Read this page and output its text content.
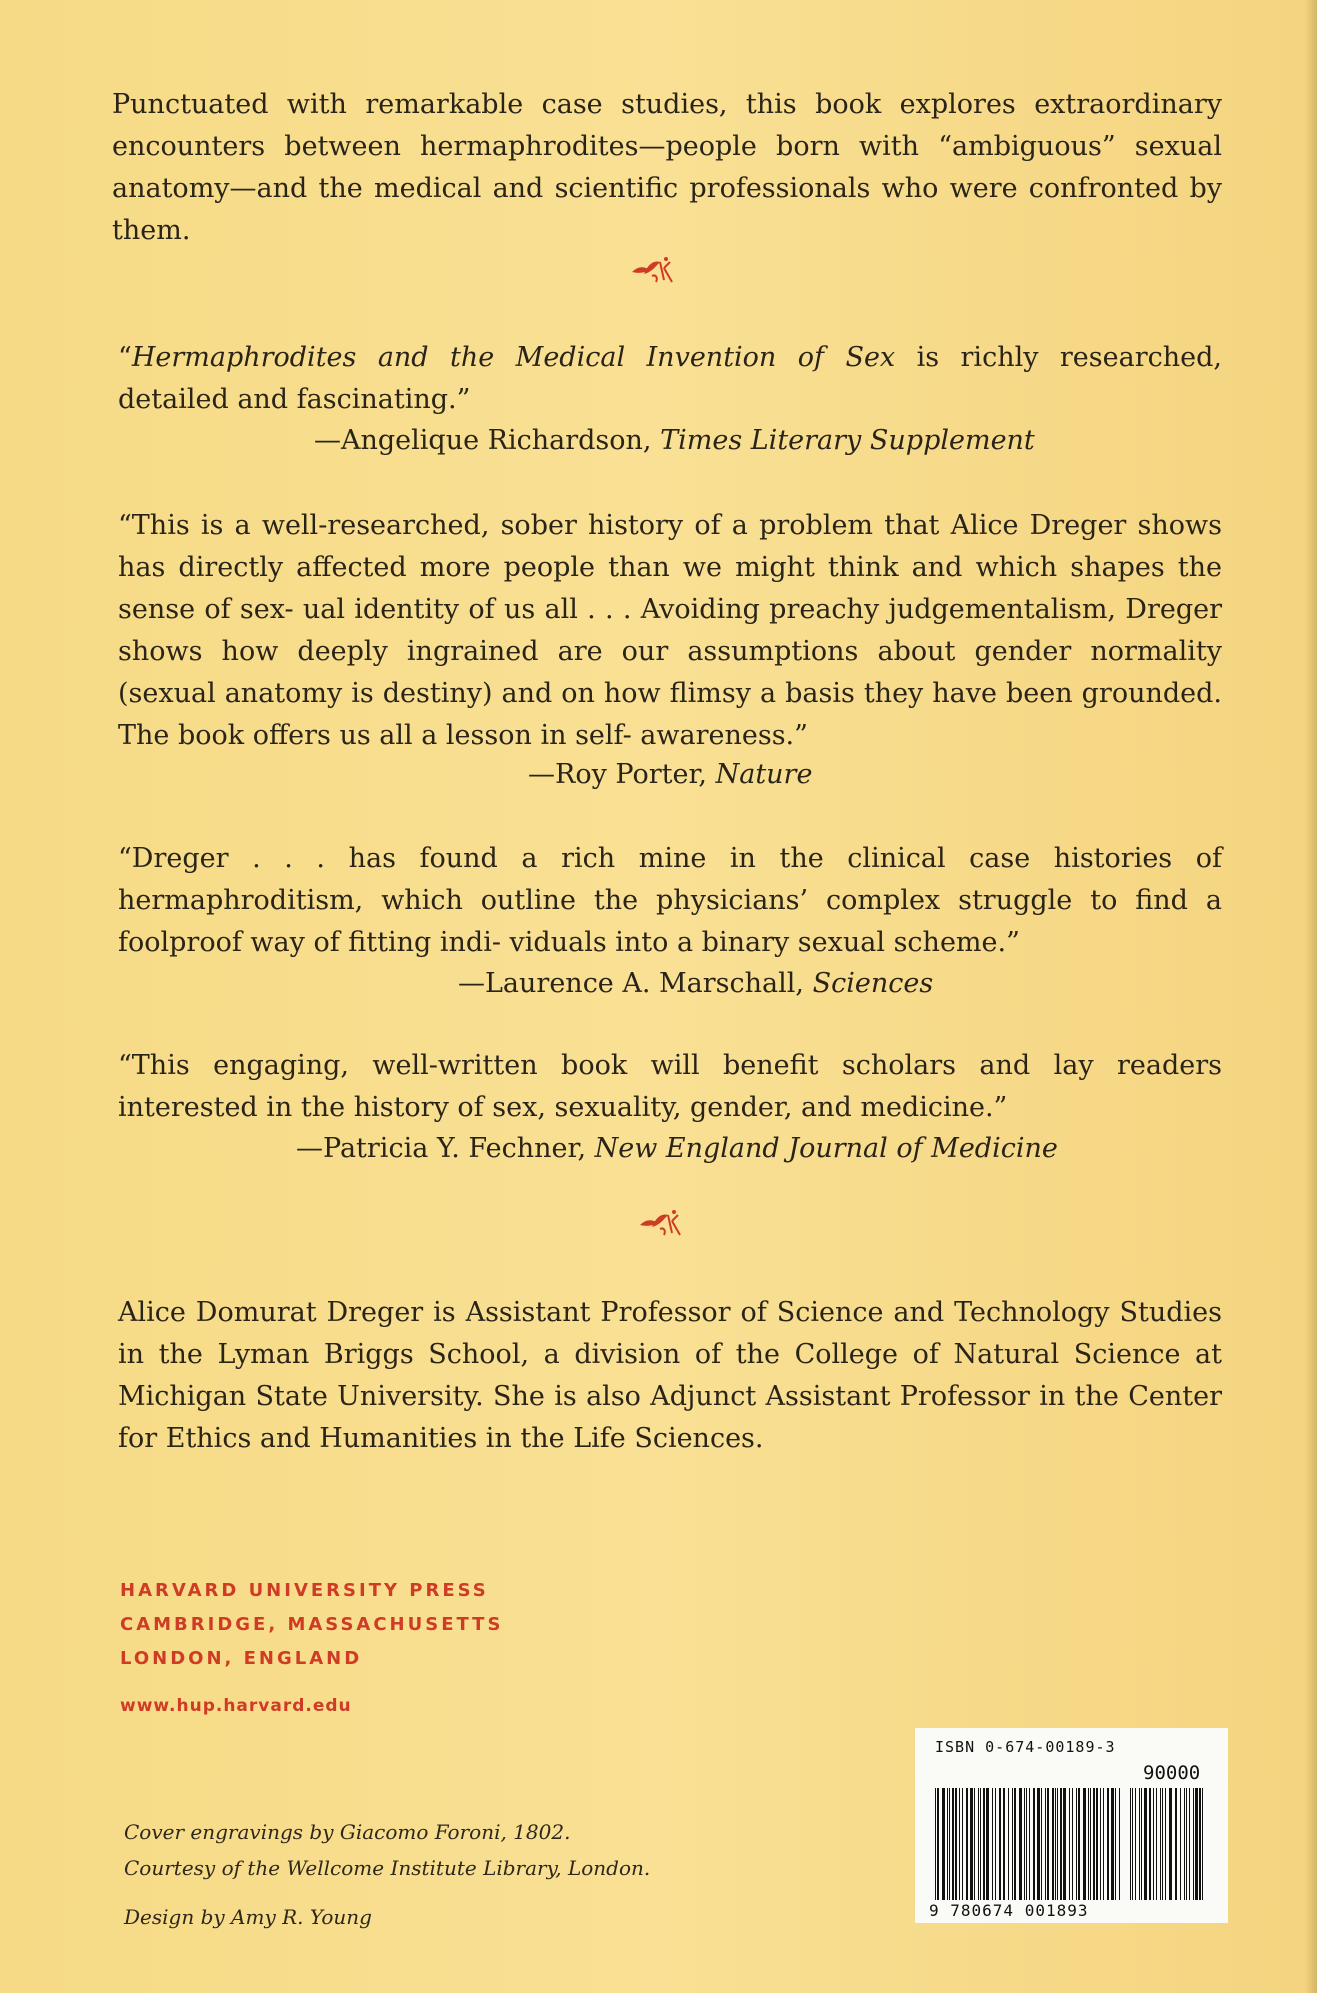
Punctuated with remarkable case studies, this book explores extraordinary encounters between hermaphrodites—people born with “ambiguous” sexual anatomy—and the medical and scientific professionals who were confronted by them.
“Hermaphrodites and the Medical Invention of Sex is richly researched, detailed and fascinating.”
—Angelique Richardson, Times Literary Supplement
“This is a well-researched, sober history of a problem that Alice Dreger shows has directly affected more people than we might think and which shapes the sense of sex- ual identity of us all . . . Avoiding preachy judgementalism, Dreger shows how deeply ingrained are our assumptions about gender normality (sexual anatomy is destiny) and on how flimsy a basis they have been grounded. The book offers us all a lesson in self- awareness.”
—Roy Porter, Nature
“Dreger . . . has found a rich mine in the clinical case histories of hermaphroditism, which outline the physicians’ complex struggle to find a foolproof way of fitting indi- viduals into a binary sexual scheme.”
—Laurence A. Marschall, Sciences
“This engaging, well-written book will benefit scholars and lay readers interested in the history of sex, sexuality, gender, and medicine.”
—Patricia Y. Fechner, New England Journal of Medicine
Alice Domurat Dreger is Assistant Professor of Science and Technology Studies in the Lyman Briggs School, a division of the College of Natural Science at Michigan State University. She is also Adjunct Assistant Professor in the Center for Ethics and Humanities in the Life Sciences.
HARVARD UNIVERSITY PRESS
CAMBRIDGE, MASSACHUSETTS
LONDON, ENGLAND
www.hup.harvard.edu
Cover engravings by Giacomo Foroni, 1802.
Courtesy of the Wellcome Institute Library, London.
Design by Amy R. Young
ISBN 0-674-00189-3
90000
9 780674 001893
